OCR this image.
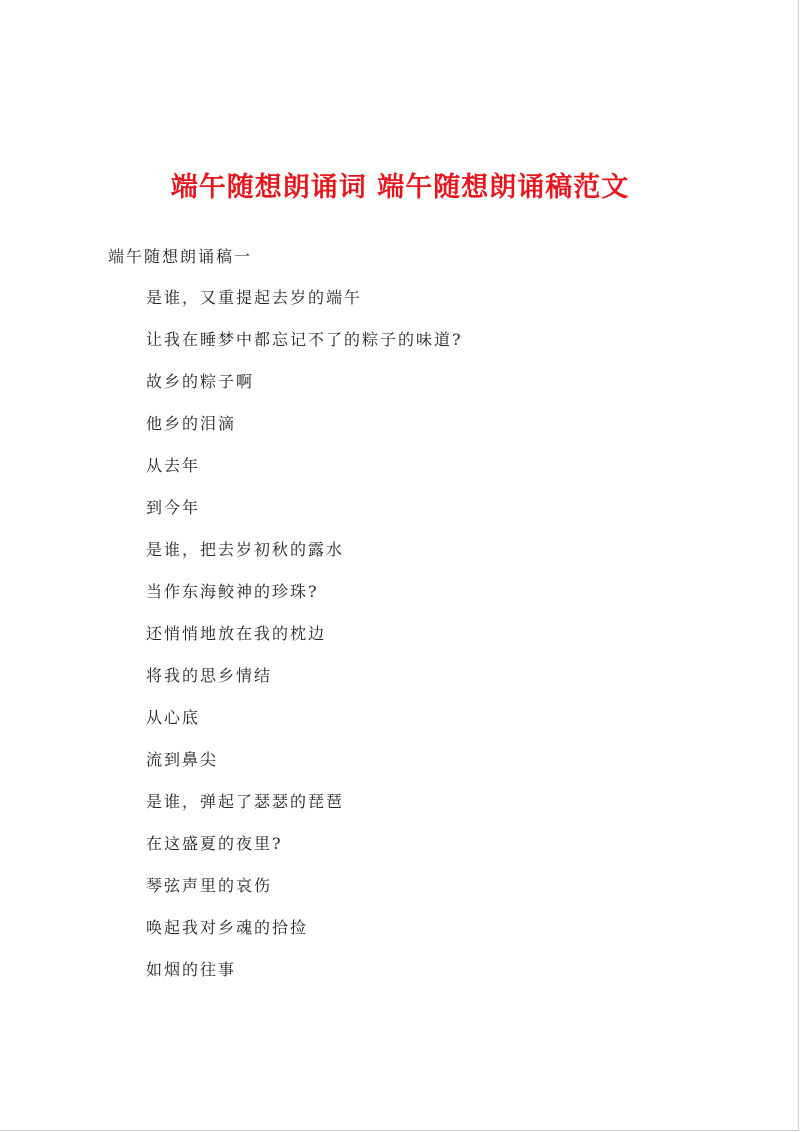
端午随想朗诵词 端午随想朗诵稿范文
端午随想朗诵稿一
是谁，又重提起去岁的端午
让我在睡梦中都忘记不了的粽子的味道?
故乡的粽子啊
他乡的泪滴
从去年
到今年
是谁，把去岁初秋的露水
当作东海鲛神的珍珠?
还悄悄地放在我的枕边
将我的思乡情结
从心底
流到鼻尖
是谁，弹起了瑟瑟的琵琶
在这盛夏的夜里?
琴弦声里的哀伤
唤起我对乡魂的拾捡
如烟的往事
